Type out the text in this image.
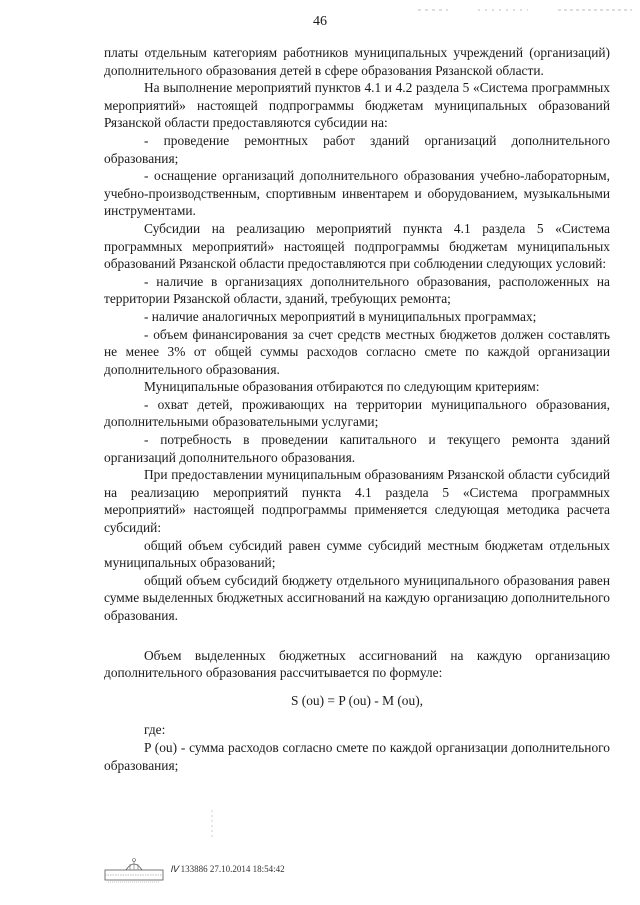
46

платы отдельным категориям работников муниципальных учреждений (организаций) дополнительного образования детей в сфере образования Рязанской области.

На выполнение мероприятий пунктов 4.1 и 4.2 раздела 5 «Система программных мероприятий» настоящей подпрограммы бюджетам муниципальных образований Рязанской области предоставляются субсидии на:

- проведение ремонтных работ зданий организаций дополнительного образования;

- оснащение организаций дополнительного образования учебно-лабораторным, учебно-производственным, спортивным инвентарем и оборудованием, музыкальными инструментами.

Субсидии на реализацию мероприятий пункта 4.1 раздела 5 «Система программных мероприятий» настоящей подпрограммы бюджетам муниципальных образований Рязанской области предоставляются при соблюдении следующих условий:

- наличие в организациях дополнительного образования, расположенных на территории Рязанской области, зданий, требующих ремонта;

- наличие аналогичных мероприятий в муниципальных программах;

- объем финансирования за счет средств местных бюджетов должен составлять не менее 3% от общей суммы расходов согласно смете по каждой организации дополнительного образования.

Муниципальные образования отбираются по следующим критериям:

- охват детей, проживающих на территории муниципального образования, дополнительными образовательными услугами;

- потребность в проведении капитального и текущего ремонта зданий организаций дополнительного образования.

При предоставлении муниципальным образованиям Рязанской области субсидий на реализацию мероприятий пункта 4.1 раздела 5 «Система программных мероприятий» настоящей подпрограммы применяется следующая методика расчета субсидий:

общий объем субсидий равен сумме субсидий местным бюджетам отдельных муниципальных образований;

общий объем субсидий бюджету отдельного муниципального образования равен сумме выделенных бюджетных ассигнований на каждую организацию дополнительного образования.

Объем выделенных бюджетных ассигнований на каждую организацию дополнительного образования рассчитывается по формуле:

S (ou) = P (ou) - M (ou),

где:

P (ou) - сумма расходов согласно смете по каждой организации дополнительного образования;

Ⅳ 133886 27.10.2014 18:54:42
